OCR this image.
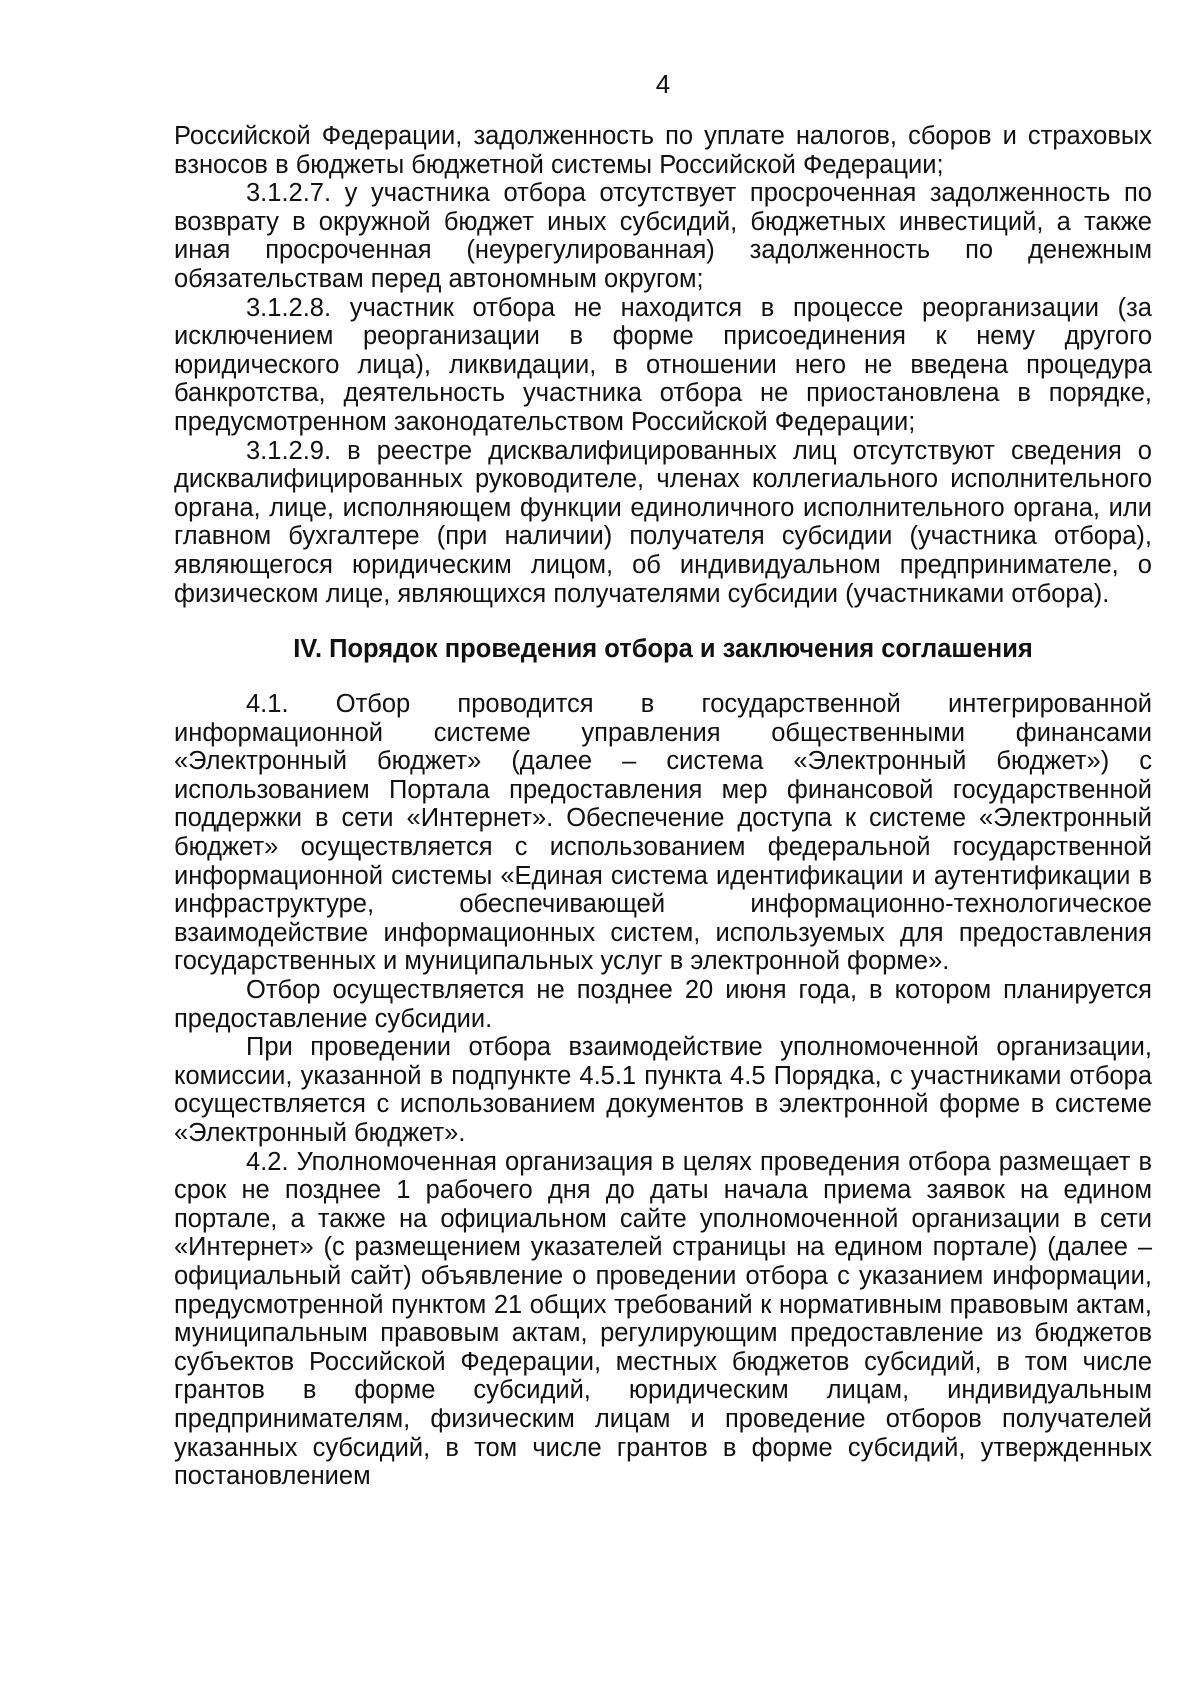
4

Российской Федерации, задолженность по уплате налогов, сборов и страховых взносов в бюджеты бюджетной системы Российской Федерации;

3.1.2.7. у участника отбора отсутствует просроченная задолженность по возврату в окружной бюджет иных субсидий, бюджетных инвестиций, а также иная просроченная (неурегулированная) задолженность по денежным обязательствам перед автономным округом;

3.1.2.8. участник отбора не находится в процессе реорганизации (за исключением реорганизации в форме присоединения к нему другого юридического лица), ликвидации, в отношении него не введена процедура банкротства, деятельность участника отбора не приостановлена в порядке, предусмотренном законодательством Российской Федерации;

3.1.2.9. в реестре дисквалифицированных лиц отсутствуют сведения о дисквалифицированных руководителе, членах коллегиального исполнительного органа, лице, исполняющем функции единоличного исполнительного органа, или главном бухгалтере (при наличии) получателя субсидии (участника отбора), являющегося юридическим лицом, об индивидуальном предпринимателе, о физическом лице, являющихся получателями субсидии (участниками отбора).

IV. Порядок проведения отбора и заключения соглашения

4.1. Отбор проводится в государственной интегрированной информационной системе управления общественными финансами «Электронный бюджет» (далее – система «Электронный бюджет») с использованием Портала предоставления мер финансовой государственной поддержки в сети «Интернет». Обеспечение доступа к системе «Электронный бюджет» осуществляется с использованием федеральной государственной информационной системы «Единая система идентификации и аутентификации в инфраструктуре, обеспечивающей информационно-технологическое взаимодействие информационных систем, используемых для предоставления государственных и муниципальных услуг в электронной форме».

Отбор осуществляется не позднее 20 июня года, в котором планируется предоставление субсидии.

При проведении отбора взаимодействие уполномоченной организации, комиссии, указанной в подпункте 4.5.1 пункта 4.5 Порядка, с участниками отбора осуществляется с использованием документов в электронной форме в системе «Электронный бюджет».

4.2. Уполномоченная организация в целях проведения отбора размещает в срок не позднее 1 рабочего дня до даты начала приема заявок на едином портале, а также на официальном сайте уполномоченной организации в сети «Интернет» (с размещением указателей страницы на едином портале) (далее – официальный сайт) объявление о проведении отбора с указанием информации, предусмотренной пунктом 21 общих требований к нормативным правовым актам, муниципальным правовым актам, регулирующим предоставление из бюджетов субъектов Российской Федерации, местных бюджетов субсидий, в том числе грантов в форме субсидий, юридическим лицам, индивидуальным предпринимателям, физическим лицам и проведение отборов получателей указанных субсидий, в том числе грантов в форме субсидий, утвержденных постановлением
